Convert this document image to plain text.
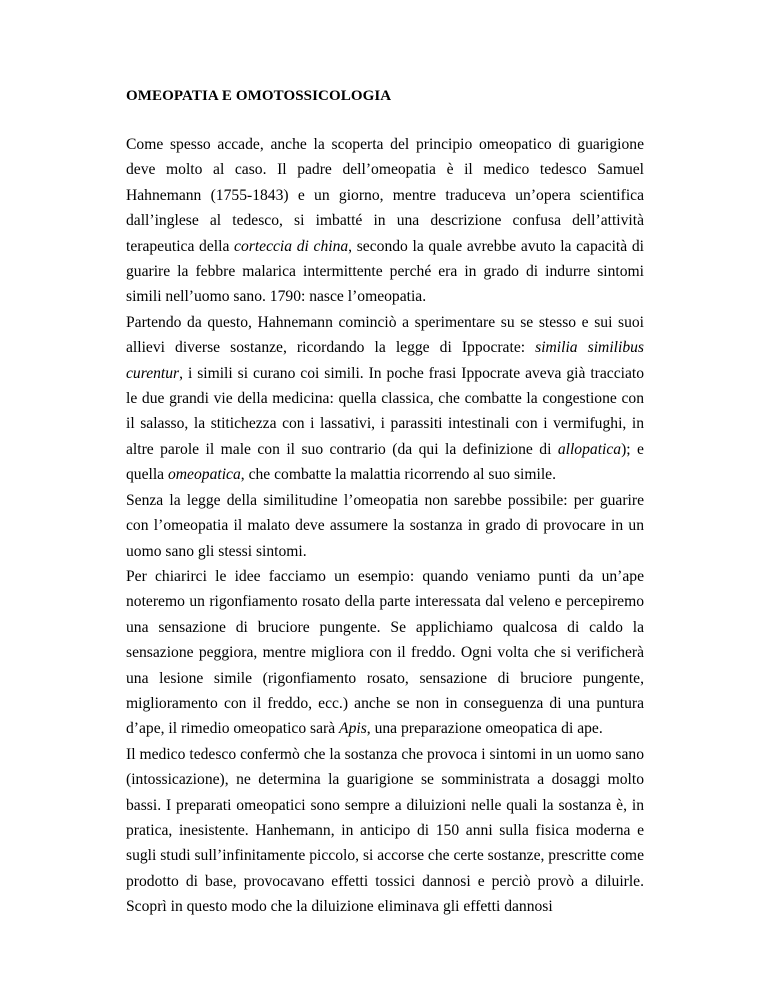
OMEOPATIA E OMOTOSSICOLOGIA

Come spesso accade, anche la scoperta del principio omeopatico di guarigione deve molto al caso. Il padre dell’omeopatia è il medico tedesco Samuel Hahnemann (1755-1843) e un giorno, mentre traduceva un’opera scientifica dall’inglese al tedesco, si imbatté in una descrizione confusa dell’attività terapeutica della corteccia di china, secondo la quale avrebbe avuto la capacità di guarire la febbre malarica intermittente perché era in grado di indurre sintomi simili nell’uomo sano. 1790: nasce l’omeopatia.

Partendo da questo, Hahnemann cominciò a sperimentare su se stesso e sui suoi allievi diverse sostanze, ricordando la legge di Ippocrate: similia similibus curentur, i simili si curano coi simili. In poche frasi Ippocrate aveva già tracciato le due grandi vie della medicina: quella classica, che combatte la congestione con il salasso, la stitichezza con i lassativi, i parassiti intestinali con i vermifughi, in altre parole il male con il suo contrario (da qui la definizione di allopatica); e quella omeopatica, che combatte la malattia ricorrendo al suo simile.

Senza la legge della similitudine l’omeopatia non sarebbe possibile: per guarire con l’omeopatia il malato deve assumere la sostanza in grado di provocare in un uomo sano gli stessi sintomi.

Per chiarirci le idee facciamo un esempio: quando veniamo punti da un’ape noteremo un rigonfiamento rosato della parte interessata dal veleno e percepiremo una sensazione di bruciore pungente. Se applichiamo qualcosa di caldo la sensazione peggiora, mentre migliora con il freddo. Ogni volta che si verificherà una lesione simile (rigonfiamento rosato, sensazione di bruciore pungente, miglioramento con il freddo, ecc.) anche se non in conseguenza di una puntura d’ape, il rimedio omeopatico sarà Apis, una preparazione omeopatica di ape.

Il medico tedesco confermò che la sostanza che provoca i sintomi in un uomo sano (intossicazione), ne determina la guarigione se somministrata a dosaggi molto bassi. I preparati omeopatici sono sempre a diluizioni nelle quali la sostanza è, in pratica, inesistente. Hanhemann, in anticipo di 150 anni sulla fisica moderna e sugli studi sull’infinitamente piccolo, si accorse che certe sostanze, prescritte come prodotto di base, provocavano effetti tossici dannosi e perciò provò a diluirle. Scoprì in questo modo che la diluizione eliminava gli effetti dannosi
